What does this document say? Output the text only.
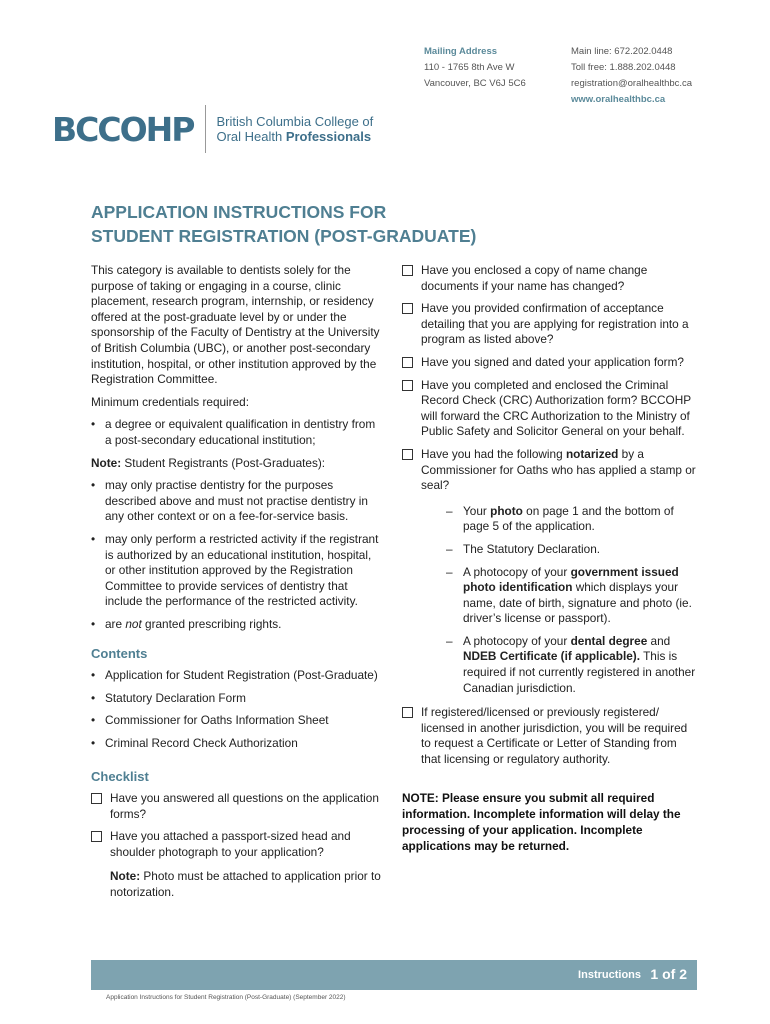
Mailing Address
110 - 1765 8th Ave W
Vancouver, BC V6J 5C6
Main line: 672.202.0448
Toll free: 1.888.202.0448
registration@oralhealthbc.ca
www.oralhealthbc.ca
BCCOHP British Columbia College of
Oral Health Professionals
APPLICATION INSTRUCTIONS FOR
STUDENT REGISTRATION (POST-GRADUATE)

This category is available to dentists solely for the purpose of taking or engaging in a course, clinic placement, research program, internship, or residency offered at the post-graduate level by or under the sponsorship of the Faculty of Dentistry at the University of British Columbia (UBC), or another post-secondary institution, hospital, or other institution approved by the Registration Committee.

Minimum credentials required:

• a degree or equivalent qualification in dentistry from a post-secondary educational institution;

Note: Student Registrants (Post-Graduates):

• may only practise dentistry for the purposes described above and must not practise dentistry in any other context or on a fee-for-service basis.
• may only perform a restricted activity if the registrant is authorized by an educational institution, hospital, or other institution approved by the Registration Committee to provide services of dentistry that include the performance of the restricted activity.
• are not granted prescribing rights.
Contents
• Application for Student Registration (Post-Graduate)
• Statutory Declaration Form
• Commissioner for Oaths Information Sheet
• Criminal Record Check Authorization
Checklist
Have you answered all questions on the application forms?
Have you attached a passport-sized head and shoulder photograph to your application?
Note: Photo must be attached to application prior to notorization.
Have you enclosed a copy of name change documents if your name has changed?
Have you provided confirmation of acceptance detailing that you are applying for registration into a program as listed above?
Have you signed and dated your application form?
Have you completed and enclosed the Criminal Record Check (CRC) Authorization form? BCCOHP will forward the CRC Authorization to the Ministry of Public Safety and Solicitor General on your behalf.
Have you had the following notarized by a Commissioner for Oaths who has applied a stamp or seal?
– Your photo on page 1 and the bottom of page 5 of the application.
– The Statutory Declaration.
– A photocopy of your government issued photo identification which displays your name, date of birth, signature and photo (ie. driver’s license or passport).
– A photocopy of your dental degree and NDEB Certificate (if applicable). This is required if not currently registered in another Canadian jurisdiction.
If registered/licensed or previously registered/ licensed in another jurisdiction, you will be required to request a Certificate or Letter of Standing from that licensing or regulatory authority.
NOTE: Please ensure you submit all required information. Incomplete information will delay the processing of your application. Incomplete applications may be returned.
Instructions 1 of 2
Application Instructions for Student Registration (Post-Graduate) (September 2022)
